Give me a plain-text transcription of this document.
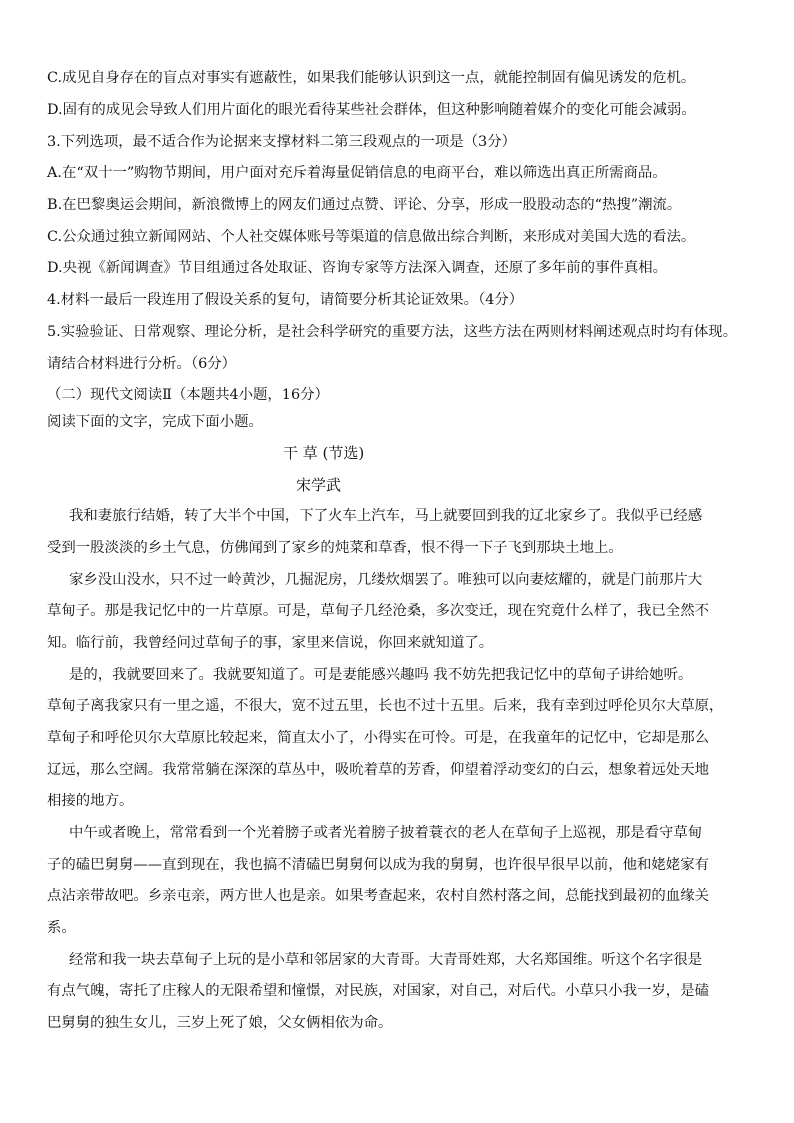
C.成见自身存在的盲点对事实有遮蔽性，如果我们能够认识到这一点，就能控制固有偏见诱发的危机。
D.固有的成见会导致人们用片面化的眼光看待某些社会群体，但这种影响随着媒介的变化可能会减弱。
3.下列选项，最不适合作为论据来支撑材料二第三段观点的一项是（3分）
A.在“双十一”购物节期间，用户面对充斥着海量促销信息的电商平台，难以筛选出真正所需商品。
B.在巴黎奥运会期间，新浪微博上的网友们通过点赞、评论、分享，形成一股股动态的“热搜”潮流。
C.公众通过独立新闻网站、个人社交媒体账号等渠道的信息做出综合判断，来形成对美国大选的看法。
D.央视《新闻调查》节目组通过各处取证、咨询专家等方法深入调查，还原了多年前的事件真相。
4.材料一最后一段连用了假设关系的复句，请简要分析其论证效果。（4分）
5.实验验证、日常观察、理论分析，是社会科学研究的重要方法，这些方法在两则材料阐述观点时均有体现。
请结合材料进行分析。（6分）
（二）现代文阅读Ⅱ（本题共4小题，16分）
阅读下面的文字，完成下面小题。
干 草 (节选)
宋学武
我和妻旅行结婚，转了大半个中国，下了火车上汽车，马上就要回到我的辽北家乡了。我似乎已经感
受到一股淡淡的乡土气息，仿佛闻到了家乡的炖菜和草香，恨不得一下子飞到那块土地上。
家乡没山没水，只不过一岭黄沙，几掘泥房，几缕炊烟罢了。唯独可以向妻炫耀的，就是门前那片大
草甸子。那是我记忆中的一片草原。可是，草甸子几经沧桑，多次变迁，现在究竟什么样了，我已全然不
知。临行前，我曾经问过草甸子的事，家里来信说，你回来就知道了。
是的，我就要回来了。我就要知道了。可是妻能感兴趣吗 我不妨先把我记忆中的草甸子讲给她听。
草甸子离我家只有一里之遥，不很大，宽不过五里，长也不过十五里。后来，我有幸到过呼伦贝尔大草原，
草甸子和呼伦贝尔大草原比较起来，简直太小了，小得实在可怜。可是，在我童年的记忆中，它却是那么
辽远，那么空阔。我常常躺在深深的草丛中，吸吮着草的芳香，仰望着浮动变幻的白云，想象着远处天地
相接的地方。
中午或者晚上，常常看到一个光着膀子或者光着膀子披着蓑衣的老人在草甸子上巡视，那是看守草甸
子的磕巴舅舅——直到现在，我也搞不清磕巴舅舅何以成为我的舅舅，也许很早很早以前，他和姥姥家有
点沾亲带故吧。乡亲屯亲，两方世人也是亲。如果考查起来，农村自然村落之间，总能找到最初的血缘关
系。
经常和我一块去草甸子上玩的是小草和邻居家的大青哥。大青哥姓郑，大名郑国维。听这个名字很是
有点气魄，寄托了庄稼人的无限希望和憧憬，对民族，对国家，对自己，对后代。小草只小我一岁，是磕
巴舅舅的独生女儿，三岁上死了娘，父女俩相依为命。
